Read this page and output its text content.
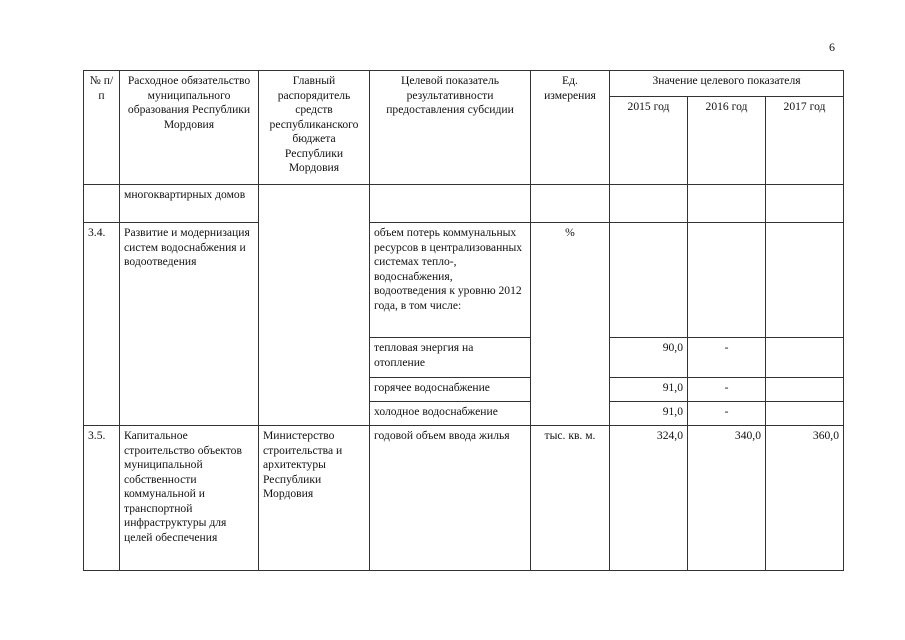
6
№ п/п	Расходное обязательство муниципального образования Республики Мордовия	Главный распорядитель средств республиканского бюджета Республики Мордовия	Целевой показатель результативности предоставления субсидии	Ед. измерения	Значение целевого показателя		
					2015 год	2016 год	2017 год
	многоквартирных домов						
3.4.	Развитие и модернизация систем водоснабжения и водоотведения		объем потерь коммунальных ресурсов в централизованных системах тепло-, водоснабжения, водоотведения к уровню 2012 года, в том числе:	%			
			тепловая энергия на отопление		90,0	-	
			горячее водоснабжение		91,0	-	
			холодное водоснабжение		91,0	-	
3.5.	Капитальное строительство объектов муниципальной собственности коммунальной и транспортной инфраструктуры для целей обеспечения	Министерство строительства и архитектуры Республики Мордовия	годовой объем ввода жилья	тыс. кв. м.	324,0	340,0	360,0
